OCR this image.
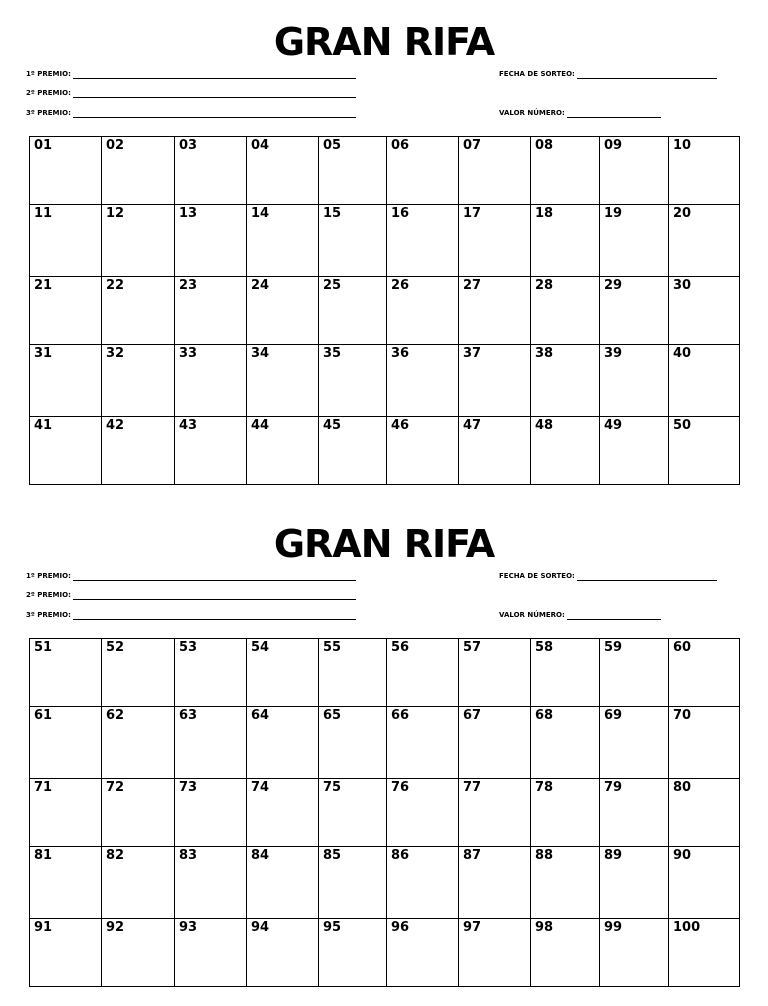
GRAN RIFA
1º PREMIO:	FECHA DE SORTEO:
2º PREMIO:
3º PREMIO:	VALOR NÚMERO:
01	02	03	04	05	06	07	08	09	10

11	12	13	14	15	16	17	18	19	20

21	22	23	24	25	26	27	28	29	30

31	32	33	34	35	36	37	38	39	40

41	42	43	44	45	46	47	48	49	50
GRAN RIFA
1º PREMIO:	FECHA DE SORTEO:
2º PREMIO:
3º PREMIO:	VALOR NÚMERO:
51	52	53	54	55	56	57	58	59	60

61	62	63	64	65	66	67	68	69	70

71	72	73	74	75	76	77	78	79	80

81	82	83	84	85	86	87	88	89	90

91	92	93	94	95	96	97	98	99	100
